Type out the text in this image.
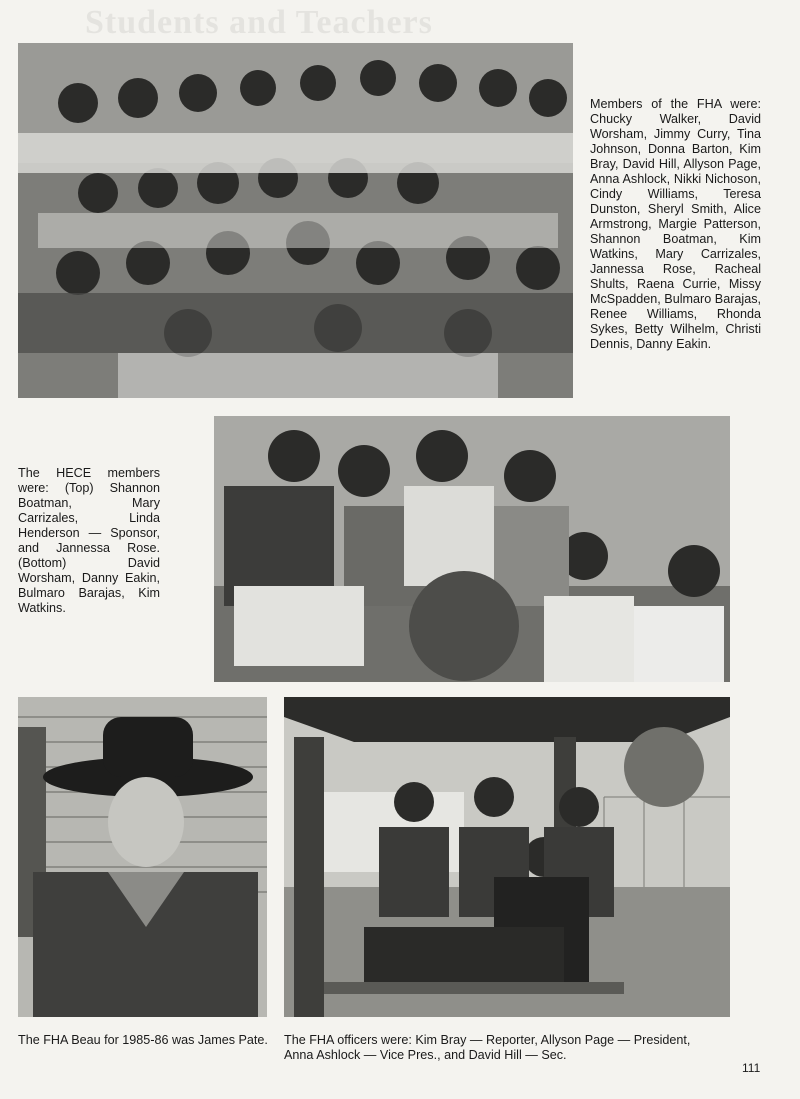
Students and Teachers

Members of the FHA were: Chucky Walker, David Worsham, Jimmy Curry, Tina Johnson, Donna Barton, Kim Bray, David Hill, Allyson Page, Anna Ashlock, Nikki Nichoson, Cindy Williams, Teresa Dunston, Sheryl Smith, Alice Armstrong, Margie Patterson, Shannon Boatman, Kim Watkins, Mary Carrizales, Jannessa Rose, Racheal Shults, Raena Currie, Missy McSpadden, Bulmaro Barajas, Renee Williams, Rhonda Sykes, Betty Wilhelm, Christi Dennis, Danny Eakin.

The HECE members were: (Top) Shannon Boatman, Mary Carrizales, Linda Henderson — Sponsor, and Jannessa Rose. (Bottom) David Worsham, Danny Eakin, Bulmaro Barajas, Kim Watkins.

The FHA Beau for 1985-86 was James Pate.	The FHA officers were: Kim Bray — Reporter, Allyson Page — President, Anna Ashlock — Vice Pres., and David Hill — Sec.

111
